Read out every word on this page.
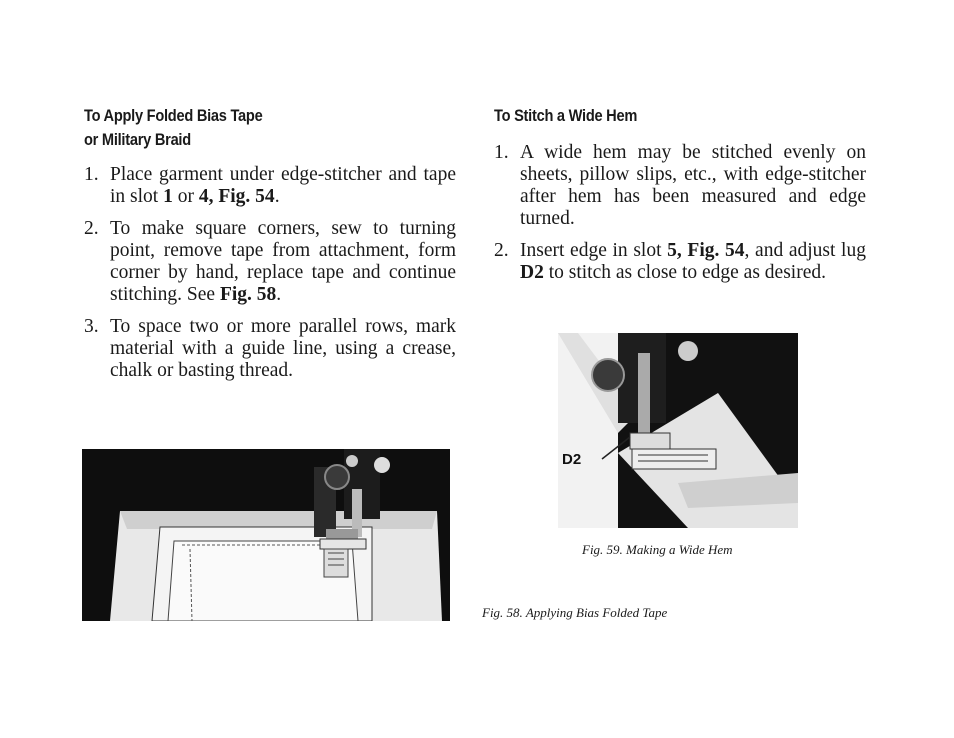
To Apply Folded Bias Tape
or Military Braid
1. Place garment under edge-stitcher and tape in slot 1 or 4, Fig. 54.
2. To make square corners, sew to turning point, remove tape from attachment, form corner by hand, replace tape and continue stitching. See Fig. 58.
3. To space two or more parallel rows, mark material with a guide line, using a crease, chalk or basting thread.
To Stitch a Wide Hem
1. A wide hem may be stitched evenly on sheets, pillow slips, etc., with edge-stitcher after hem has been measured and edge turned.
2. Insert edge in slot 5, Fig. 54, and adjust lug D2 to stitch as close to edge as desired.
D2
Fig. 59. Making a Wide Hem
Fig. 58. Applying Bias Folded Tape
